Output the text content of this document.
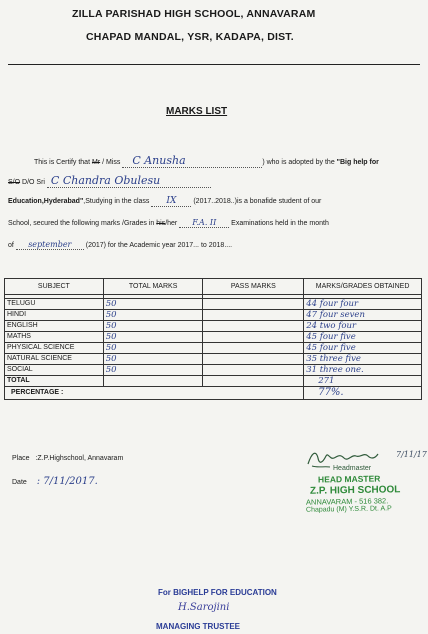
ZILLA PARISHAD HIGH SCHOOL, ANNAVARAM
CHAPAD MANDAL, YSR, KADAPA, DIST.
MARKS LIST
This is Certify that Mr / Miss C Anusha	) who is adopted by the "Big help for
S/O D/O Sri C Chandra Obulesu
Education,Hyderabad",Studying in the class IX (2017..2018..)is a bonafide student of our
School, secured the following marks /Grades in his/her F.A. II Examinations held in the month
of september (2017) for the Academic year 2017... to 2018....
SUBJECT	TOTAL MARKS	PASS MARKS	MARKS/GRADES OBTAINED

TELUGU	50		44 four four
HINDI	50		47 four seven
ENGLISH	50		24 two four
MATHS	50		45 four five
PHYSICAL SCIENCE	50		45 four five
NATURAL SCIENCE	50		35 three five
SOCIAL	50		31 three one.
TOTAL			271
PERCENTAGE :			77%.
Place :Z.P.Highschool, Annavaram
Date : 7/11/2017.
7/11/17
Headmaster
HEAD MASTER
Z.P. HIGH SCHOOL
ANNAVARAM - 516 382.
Chapadu (M) Y.S.R. Dt. A.P
For BIGHELP FOR EDUCATION
H.Sarojini
MANAGING TRUSTEE
